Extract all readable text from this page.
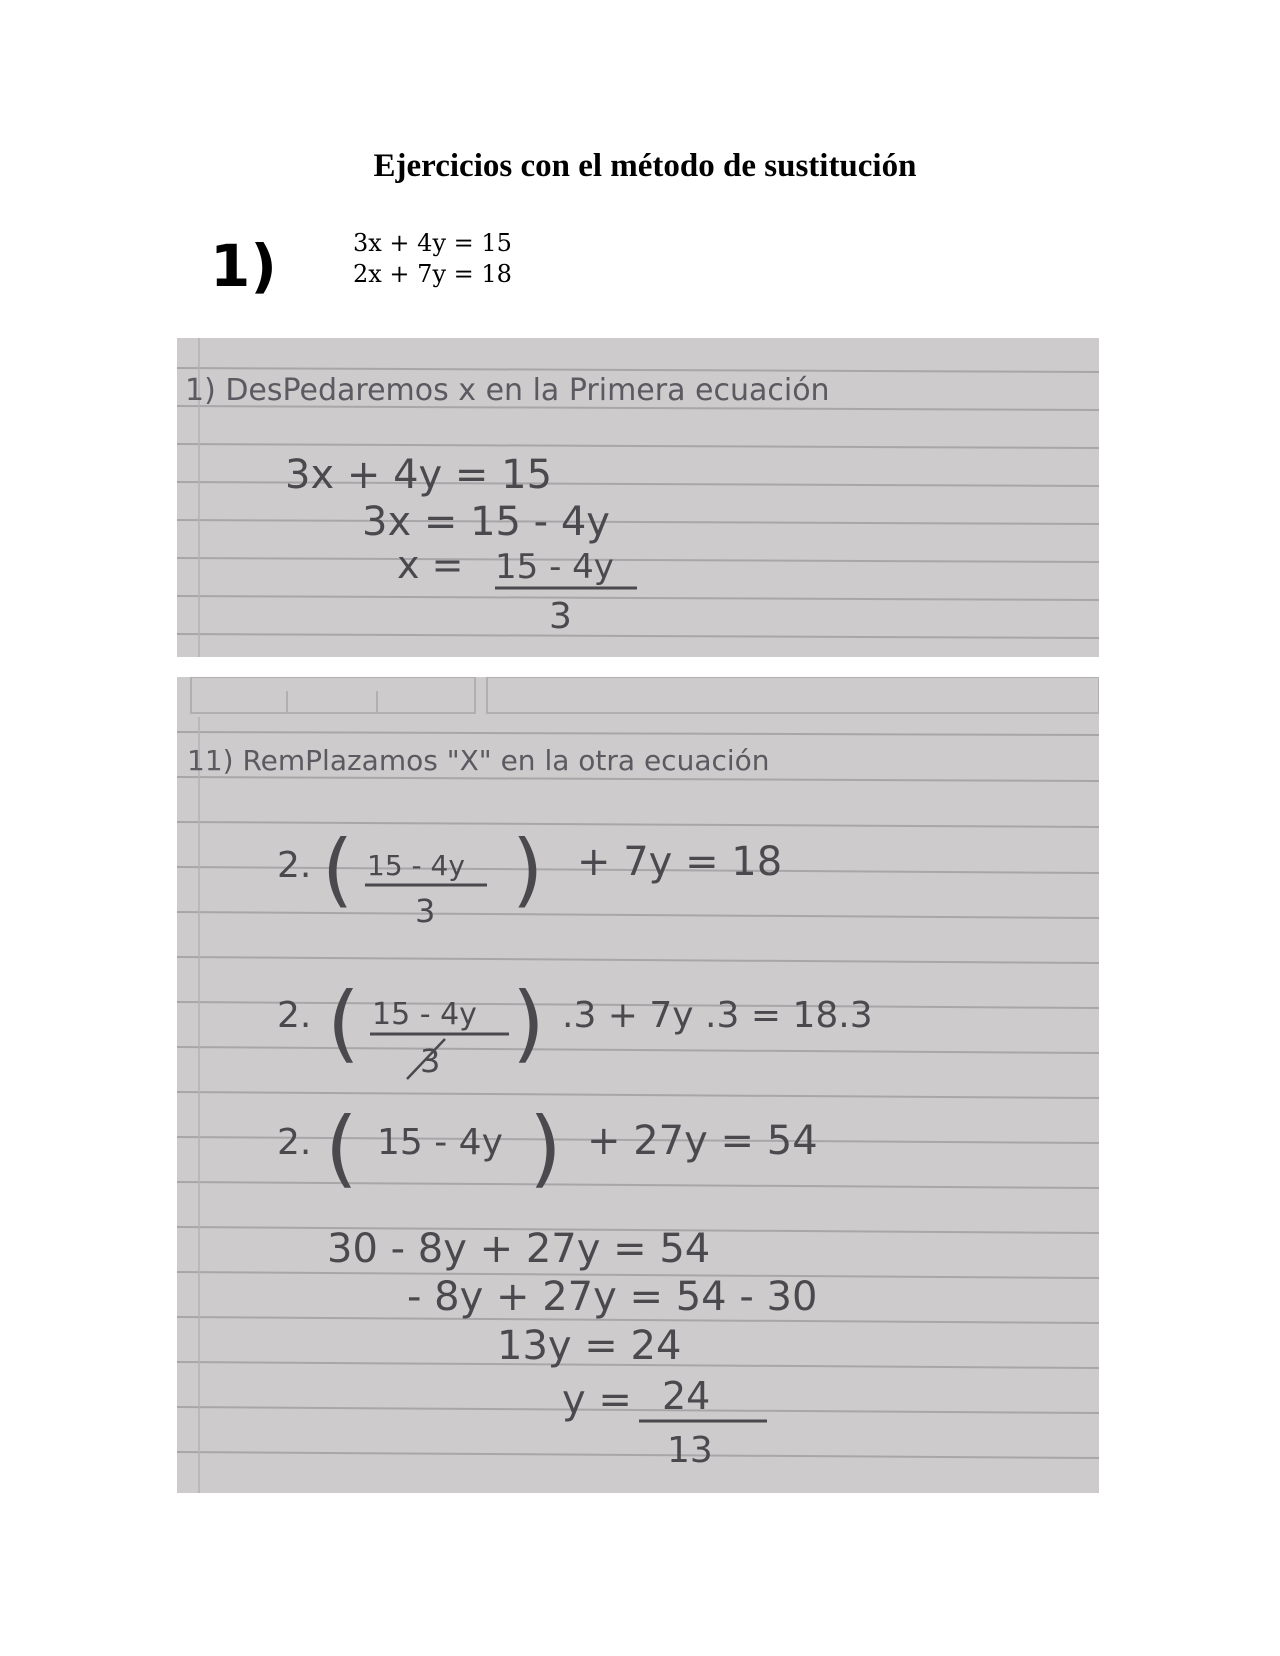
Ejercicios con el método de sustitución
1)	3x + 4y = 15
2x + 7y = 18
1) DesPedaremos x en la Primera ecuación
3x + 4y = 15
3x = 15 - 4y
x = 15 - 4y
3
11) RemPlazamos "X" en la otra ecuación
2. ( 15 - 4y
3 ) + 7y = 18
2. ( 15 - 4y
3 ) .3 + 7y .3 = 18.3
2. ( 15 - 4y ) + 27y = 54
30 - 8y + 27y = 54
- 8y + 27y = 54 - 30
13y = 24
y = 24
13
